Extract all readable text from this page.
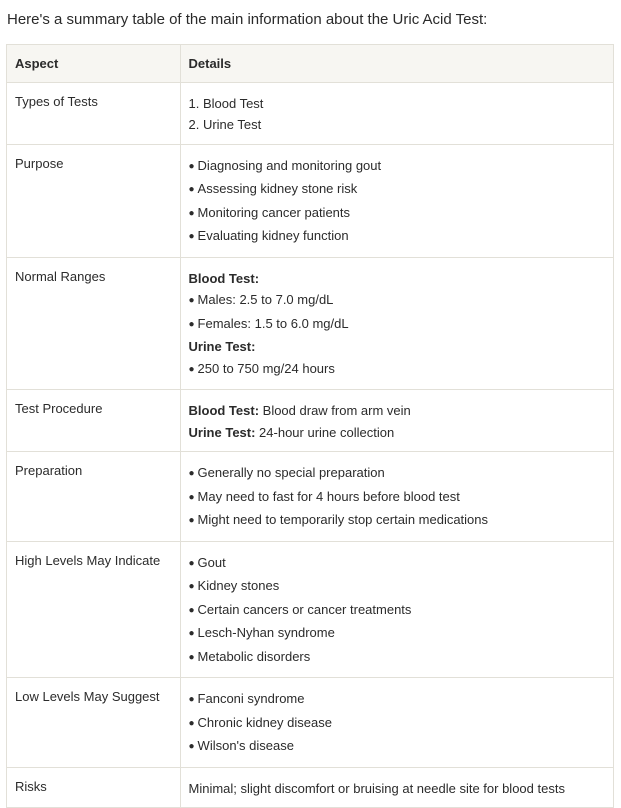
Here's a summary table of the main information about the Uric Acid Test:
Aspect	Details
Types of Tests	1. Blood Test
2. Urine Test

Purpose	● Diagnosing and monitoring gout
● Assessing kidney stone risk
● Monitoring cancer patients
● Evaluating kidney function

Normal Ranges	Blood Test:
● Males: 2.5 to 7.0 mg/dL
● Females: 1.5 to 6.0 mg/dL
Urine Test:
● 250 to 750 mg/24 hours

Test Procedure	Blood Test: Blood draw from arm vein
Urine Test: 24-hour urine collection

Preparation	● Generally no special preparation
● May need to fast for 4 hours before blood test
● Might need to temporarily stop certain medications

High Levels May Indicate	● Gout
● Kidney stones
● Certain cancers or cancer treatments
● Lesch-Nyhan syndrome
● Metabolic disorders

Low Levels May Suggest	● Fanconi syndrome
● Chronic kidney disease
● Wilson's disease

Risks	Minimal; slight discomfort or bruising at needle site for blood tests
